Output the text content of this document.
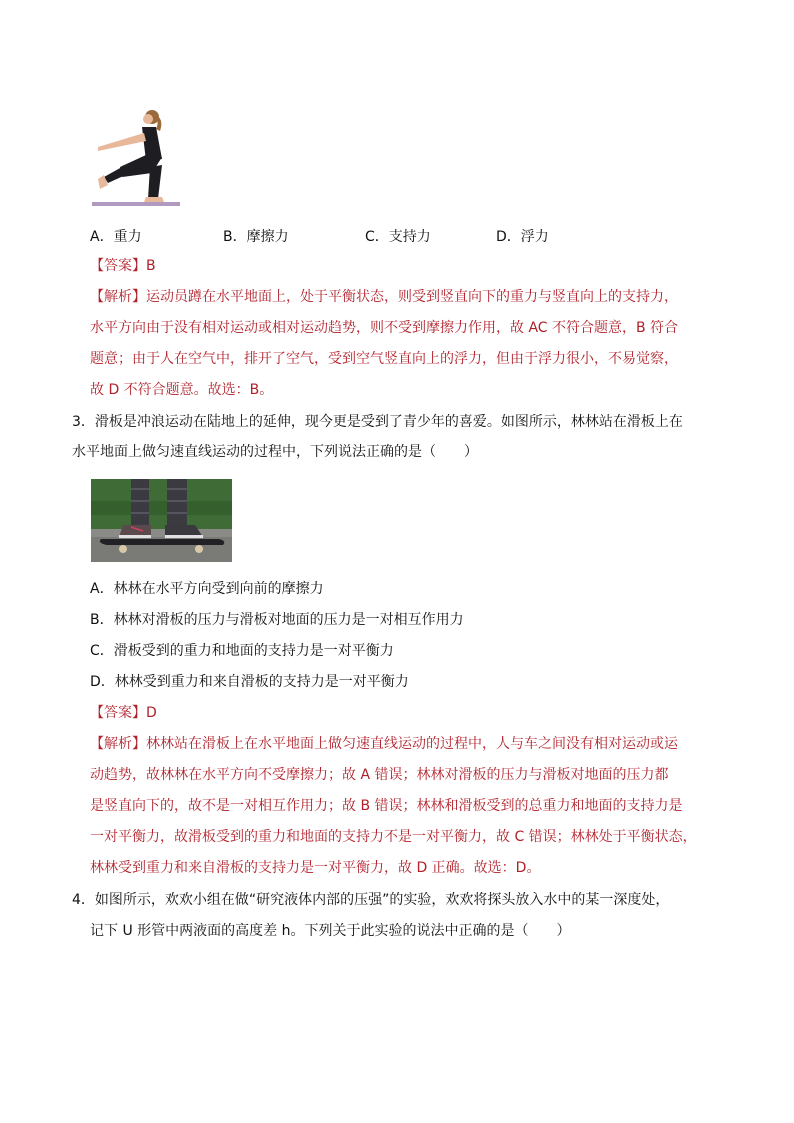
A．重力	B．摩擦力	C．支持力	D．浮力
【答案】B
【解析】运动员蹲在水平地面上，处于平衡状态，则受到竖直向下的重力与竖直向上的支持力，
水平方向由于没有相对运动或相对运动趋势，则不受到摩擦力作用，故 AC 不符合题意，B 符合
题意；由于人在空气中，排开了空气，受到空气竖直向上的浮力，但由于浮力很小，不易觉察，
故 D 不符合题意。故选：B。
3．滑板是冲浪运动在陆地上的延伸，现今更是受到了青少年的喜爱。如图所示，林林站在滑板上在
水平地面上做匀速直线运动的过程中，下列说法正确的是（　　）
A．林林在水平方向受到向前的摩擦力
B．林林对滑板的压力与滑板对地面的压力是一对相互作用力
C．滑板受到的重力和地面的支持力是一对平衡力
D．林林受到重力和来自滑板的支持力是一对平衡力
【答案】D
【解析】林林站在滑板上在水平地面上做匀速直线运动的过程中，人与车之间没有相对运动或运
动趋势，故林林在水平方向不受摩擦力；故 A 错误；林林对滑板的压力与滑板对地面的压力都
是竖直向下的，故不是一对相互作用力；故 B 错误；林林和滑板受到的总重力和地面的支持力是
一对平衡力，故滑板受到的重力和地面的支持力不是一对平衡力，故 C 错误；林林处于平衡状态，
林林受到重力和来自滑板的支持力是一对平衡力，故 D 正确。故选：D。
4．如图所示，欢欢小组在做“研究液体内部的压强”的实验，欢欢将探头放入水中的某一深度处，
记下 U 形管中两液面的高度差 h。下列关于此实验的说法中正确的是（　　）
